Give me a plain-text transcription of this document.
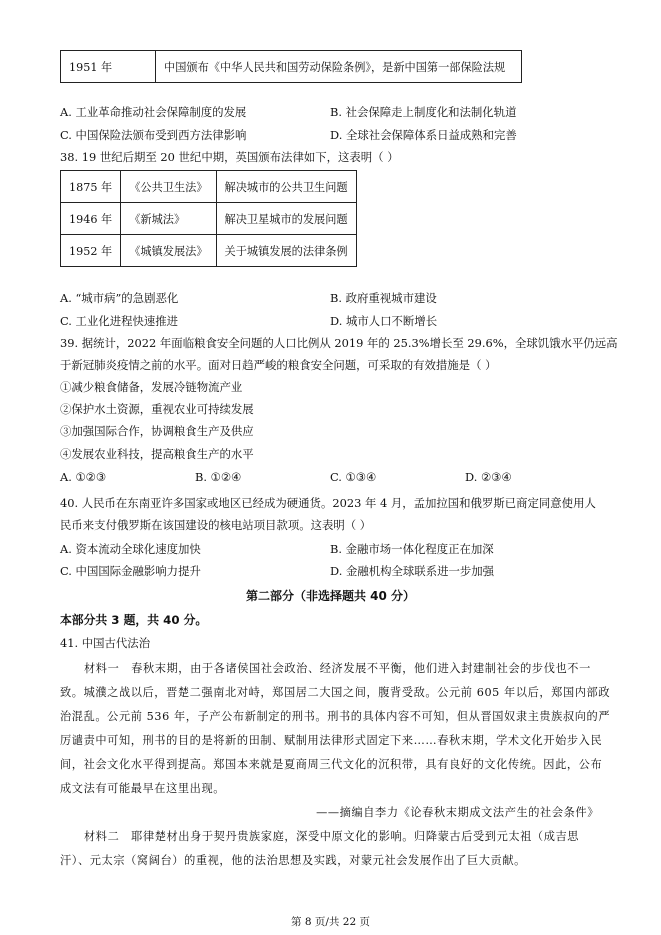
1951 年	中国颁布《中华人民共和国劳动保险条例》，是新中国第一部保险法规
A. 工业革命推动社会保障制度的发展	B. 社会保障走上制度化和法制化轨道
C. 中国保险法颁布受到西方法律影响	D. 全球社会保障体系日益成熟和完善
38. 19 世纪后期至 20 世纪中期，英国颁布法律如下，这表明（ ）
1875 年	《公共卫生法》	解决城市的公共卫生问题
1946 年	《新城法》	解决卫星城市的发展问题
1952 年	《城镇发展法》	关于城镇发展的法律条例
A. “城市病”的急剧恶化	B. 政府重视城市建设
C. 工业化进程快速推进	D. 城市人口不断增长
39. 据统计，2022 年面临粮食安全问题的人口比例从 2019 年的 25.3%增长至 29.6%，全球饥饿水平仍远高
于新冠肺炎疫情之前的水平。面对日趋严峻的粮食安全问题，可采取的有效措施是（ ）
①减少粮食储备，发展冷链物流产业
②保护水土资源，重视农业可持续发展
③加强国际合作，协调粮食生产及供应
④发展农业科技，提高粮食生产的水平
A. ①②③	B. ①②④	C. ①③④	D. ②③④
40. 人民币在东南亚许多国家或地区已经成为硬通货。2023 年 4 月，孟加拉国和俄罗斯已商定同意使用人
民币来支付俄罗斯在该国建设的核电站项目款项。这表明（ ）
A. 资本流动全球化速度加快	B. 金融市场一体化程度正在加深
C. 中国国际金融影响力提升	D. 金融机构全球联系进一步加强
第二部分（非选择题共 40 分）
本部分共 3 题，共 40 分。
41. 中国古代法治
材料一　春秋末期，由于各诸侯国社会政治、经济发展不平衡，他们进入封建制社会的步伐也不一
致。城濮之战以后，晋楚二强南北对峙，郑国居二大国之间，腹背受敌。公元前 605 年以后，郑国内部政
治混乱。公元前 536 年，子产公布新制定的刑书。刑书的具体内容不可知，但从晋国奴隶主贵族叔向的严
厉谴责中可知，刑书的目的是将新的田制、赋制用法律形式固定下来……春秋末期，学术文化开始步入民
间，社会文化水平得到提高。郑国本来就是夏商周三代文化的沉积带，具有良好的文化传统。因此，公布
成文法有可能最早在这里出现。
——摘编自李力《论春秋末期成文法产生的社会条件》
材料二　耶律楚材出身于契丹贵族家庭，深受中原文化的影响。归降蒙古后受到元太祖（成吉思
汗）、元太宗（窝阔台）的重视，他的法治思想及实践，对蒙元社会发展作出了巨大贡献。
第 8 页/共 22 页
